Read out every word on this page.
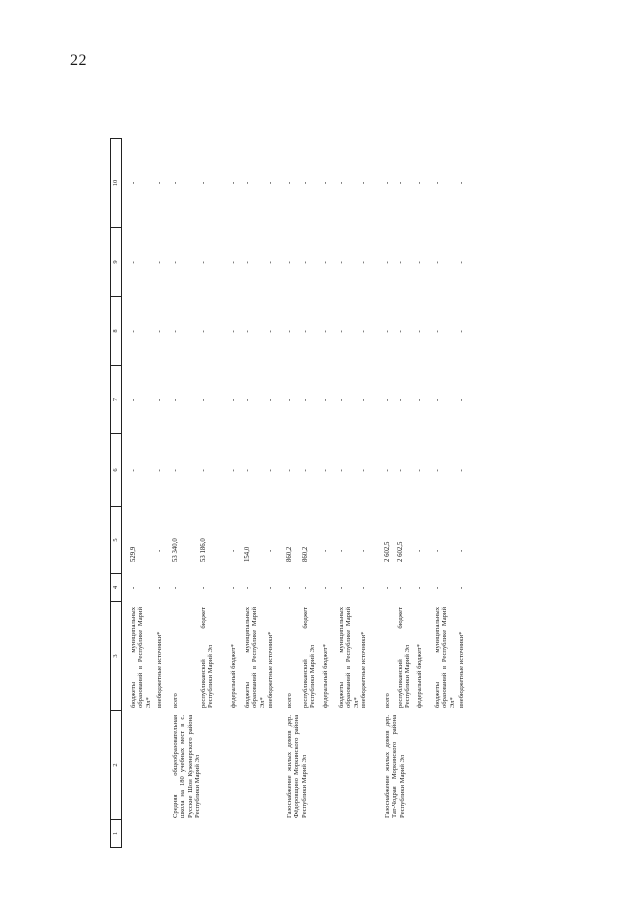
22
1
2
3
4
5
6
7
8
9
10
бюджеты муниципальных образований в Республике Марий Эл*
-
529,9
-
-
-
-
-
внебюджетные источники*
-
-
-
-
-
-
-
Средняя общеобразовательная школа на 180 учебных мест в с. Русские Шои Куженерского района Республики Марий Эл
всего
-
53 340,0
-
-
-
-
-
республиканский бюджет Республики Марий Эл
-
53 186,0
-
-
-
-
-
федеральный бюджет*
-
-
-
-
-
-
-
бюджеты муниципальных образований в Республике Марий Эл*
-
154,0
-
-
-
-
-
внебюджетные источники*
-
-
-
-
-
-
-
Газоснабжение жилых домов дер. Фёдоровщино Моркинского района Республики Марий Эл
всего
-
860,2
-
-
-
-
-
республиканский бюджет Республики Марий Эл
-
860,2
-
-
-
-
-
федеральный бюджет*
-
-
-
-
-
-
-
бюджеты муниципальных образований в Республике Марий Эл*
-
-
-
-
-
-
-
внебюджетные источники*
-
-
-
-
-
-
-
Газоснабжение жилых домов дер. Тат-Чодрая Моркинского района Республики Марий Эл
всего
-
2 602,5
-
-
-
-
-
республиканский бюджет Республики Марий Эл
-
2 602,5
-
-
-
-
-
федеральный бюджет*
-
-
-
-
-
-
-
бюджеты муниципальных образований в Республике Марий Эл*
-
-
-
-
-
-
-
внебюджетные источники*
-
-
-
-
-
-
-
